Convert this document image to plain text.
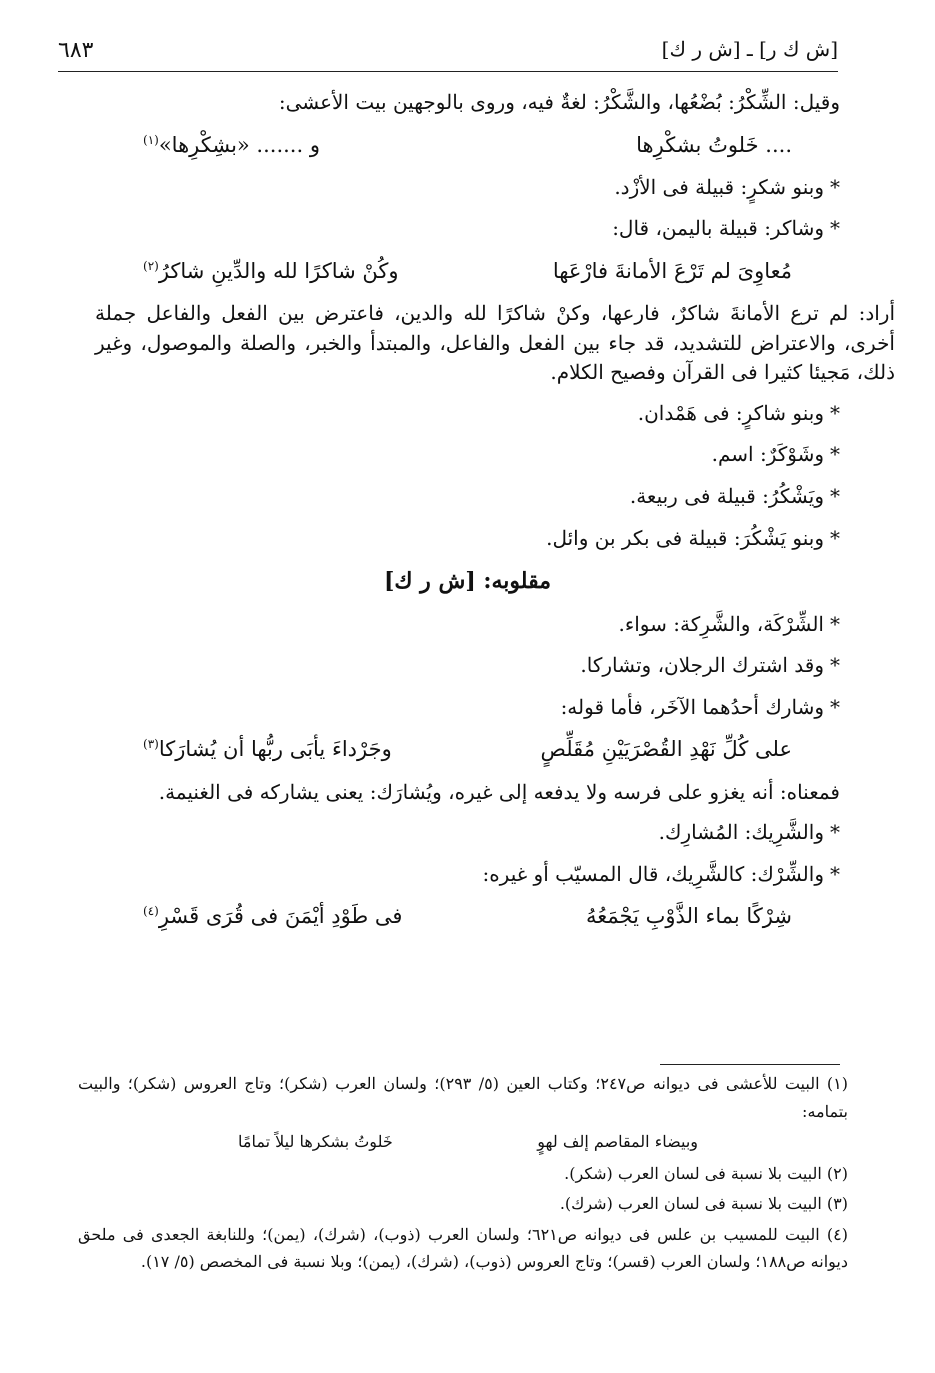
٦٨٣	[ش ك ر] ـ [ش ر ك]
وقيل: الشِّكْرُ: بُضْعُها، والشَّكْرُ: لغةٌ فيه، وروى بالوجهين بيت الأعشى:
.... خَلوتُ بشكْرِها
و ....... «بشِكْرِها»$^{(١)}$
*وبنو شكرٍ: قبيلة فى الأزْد.
*وشاكر: قبيلة باليمن، قال:
مُعاوِىَ لم تَرْعَ الأمانةَ فارْعَها
وكُنْ شاكرًا لله والدِّينِ شاكرُ$^{(٢)}$
أراد: لم ترع الأمانةَ شاكرٌ، فارعها، وكنْ شاكرًا لله والدين، فاعترض بين الفعل والفاعل جملة أخرى، والاعتراض للتشديد، قد جاء بين الفعل والفاعل، والمبتدأ والخبر، والصلة والموصول، وغير ذلك، مَجيئا كثيرا فى القرآن وفصيح الكلام.
*وبنو شاكرٍ: فى هَمْدان.
*وشَوْكَرٌ: اسم.
*ويَشْكُرُ: قبيلة فى ربيعة.
*وبنو يَشْكُرَ: قبيلة فى بكر بن وائل.
مقلوبه: [ش ر ك]
*الشِّرْكَة، والشَّرِكة: سواء.
*وقد اشترك الرجلان، وتشاركا.
*وشارك أحدُهما الآخَر، فأما قوله:
على كُلِّ نَهْدِ القُصْرَيَيْنِ مُقَلِّصٍ
وجَرْداءَ يأبَى ربُّها أن يُشارَكا$^{(٣)}$
فمعناه: أنه يغزو على فرسه ولا يدفعه إلى غيره، ويُشارَك: يعنى يشاركه فى الغنيمة.
*والشَّرِيك: المُشارِك.
*والشِّرْك: كالشَّرِيك، قال المسيّب أو غيره:
شِرْكًا بماء الذَّوْبِ يَجْمَعُهُ
فى طَوْدِ أيْمَنَ فى قُرَى قَسْرِ$^{(٤)}$
(١) البيت للأعشى فى ديوانه ص٢٤٧؛ وكتاب العين (٥/ ٢٩٣)؛ ولسان العرب (شكر)؛ وتاج العروس (شكر)؛ والبيت بتمامه:
وبيضاء المقاصم إلف لهوٍ
خَلوتُ بشكرها ليلاً تمامًا
(٢) البيت بلا نسبة فى لسان العرب (شكر).
(٣) البيت بلا نسبة فى لسان العرب (شرك).
(٤) البيت للمسيب بن علس فى ديوانه ص٦٢١؛ ولسان العرب (ذوب)، (شرك)، (يمن)؛ وللنابغة الجعدى فى ملحق ديوانه ص١٨٨؛ ولسان العرب (قسر)؛ وتاج العروس (ذوب)، (شرك)، (يمن)؛ وبلا نسبة فى المخصص (٥/ ١٧).
